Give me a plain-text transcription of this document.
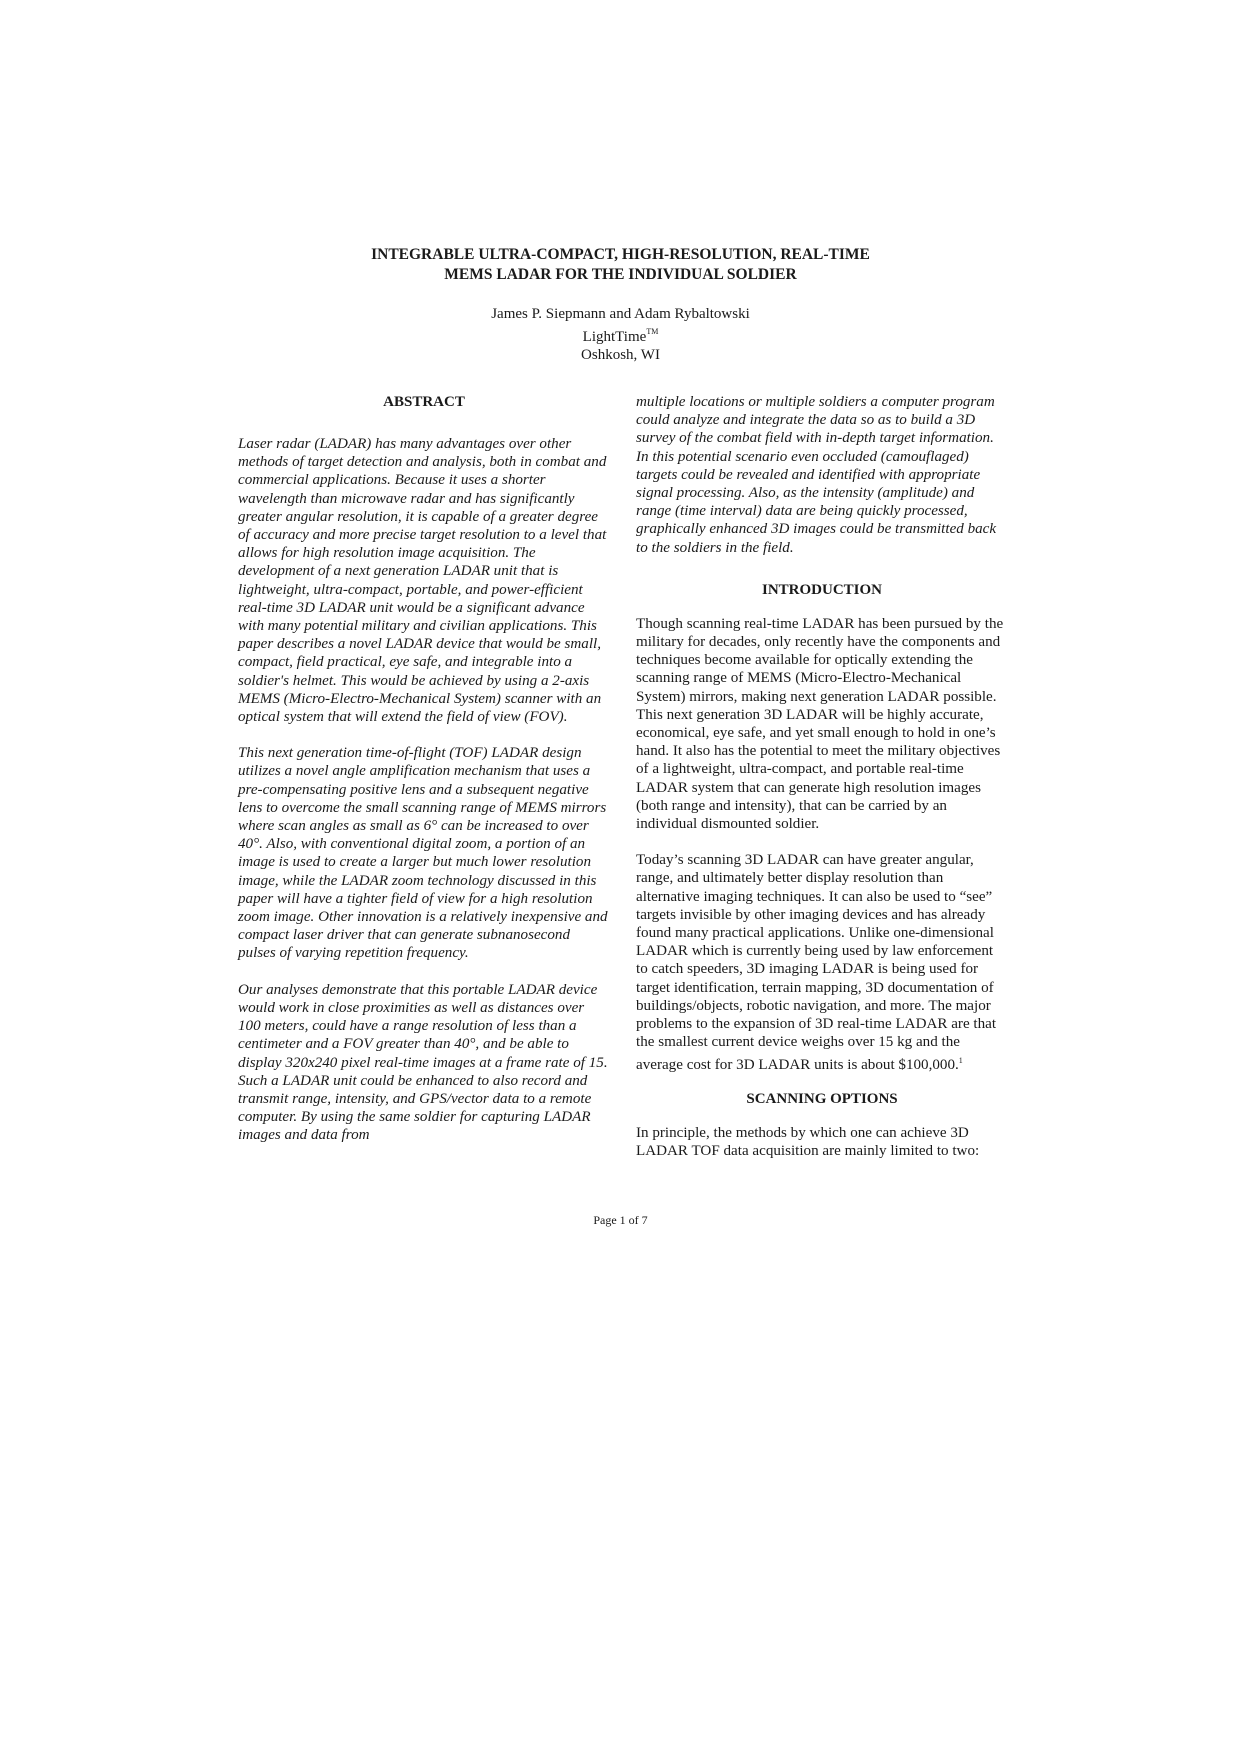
INTEGRABLE ULTRA-COMPACT, HIGH-RESOLUTION, REAL-TIME
MEMS LADAR FOR THE INDIVIDUAL SOLDIER
James P. Siepmann and Adam Rybaltowski
LightTime™
Oshkosh, WI
ABSTRACT

Laser radar (LADAR) has many advantages over other methods of target detection and analysis, both in combat and commercial applications. Because it uses a shorter wavelength than microwave radar and has significantly greater angular resolution, it is capable of a greater degree of accuracy and more precise target resolution to a level that allows for high resolution image acquisition. The development of a next generation LADAR unit that is lightweight, ultra-compact, portable, and power-efficient real-time 3D LADAR unit would be a significant advance with many potential military and civilian applications. This paper describes a novel LADAR device that would be small, compact, field practical, eye safe, and integrable into a soldier's helmet. This would be achieved by using a 2-axis MEMS (Micro-Electro-Mechanical System) scanner with an optical system that will extend the field of view (FOV).

This next generation time-of-flight (TOF) LADAR design utilizes a novel angle amplification mechanism that uses a pre-compensating positive lens and a subsequent negative lens to overcome the small scanning range of MEMS mirrors where scan angles as small as 6° can be increased to over 40°. Also, with conventional digital zoom, a portion of an image is used to create a larger but much lower resolution image, while the LADAR zoom technology discussed in this paper will have a tighter field of view for a high resolution zoom image. Other innovation is a relatively inexpensive and compact laser driver that can generate subnanosecond pulses of varying repetition frequency.

Our analyses demonstrate that this portable LADAR device would work in close proximities as well as distances over 100 meters, could have a range resolution of less than a centimeter and a FOV greater than 40°, and be able to display 320x240 pixel real-time images at a frame rate of 15. Such a LADAR unit could be enhanced to also record and transmit range, intensity, and GPS/vector data to a remote computer. By using the same soldier for capturing LADAR images and data from

multiple locations or multiple soldiers a computer program could analyze and integrate the data so as to build a 3D survey of the combat field with in-depth target information. In this potential scenario even occluded (camouflaged) targets could be revealed and identified with appropriate signal processing. Also, as the intensity (amplitude) and range (time interval) data are being quickly processed, graphically enhanced 3D images could be transmitted back to the soldiers in the field.

INTRODUCTION

Though scanning real-time LADAR has been pursued by the military for decades, only recently have the components and techniques become available for optically extending the scanning range of MEMS (Micro-Electro-Mechanical System) mirrors, making next generation LADAR possible. This next generation 3D LADAR will be highly accurate, economical, eye safe, and yet small enough to hold in one’s hand. It also has the potential to meet the military objectives of a lightweight, ultra-compact, and portable real-time LADAR system that can generate high resolution images (both range and intensity), that can be carried by an individual dismounted soldier.

Today’s scanning 3D LADAR can have greater angular, range, and ultimately better display resolution than alternative imaging techniques. It can also be used to “see” targets invisible by other imaging devices and has already found many practical applications. Unlike one-dimensional LADAR which is currently being used by law enforcement to catch speeders, 3D imaging LADAR is being used for target identification, terrain mapping, 3D documentation of buildings/objects, robotic navigation, and more. The major problems to the expansion of 3D real-time LADAR are that the smallest current device weighs over 15 kg and the average cost for 3D LADAR units is about $100,000.$^1$

SCANNING OPTIONS

In principle, the methods by which one can achieve 3D LADAR TOF data acquisition are mainly limited to two:

Page 1 of 7
